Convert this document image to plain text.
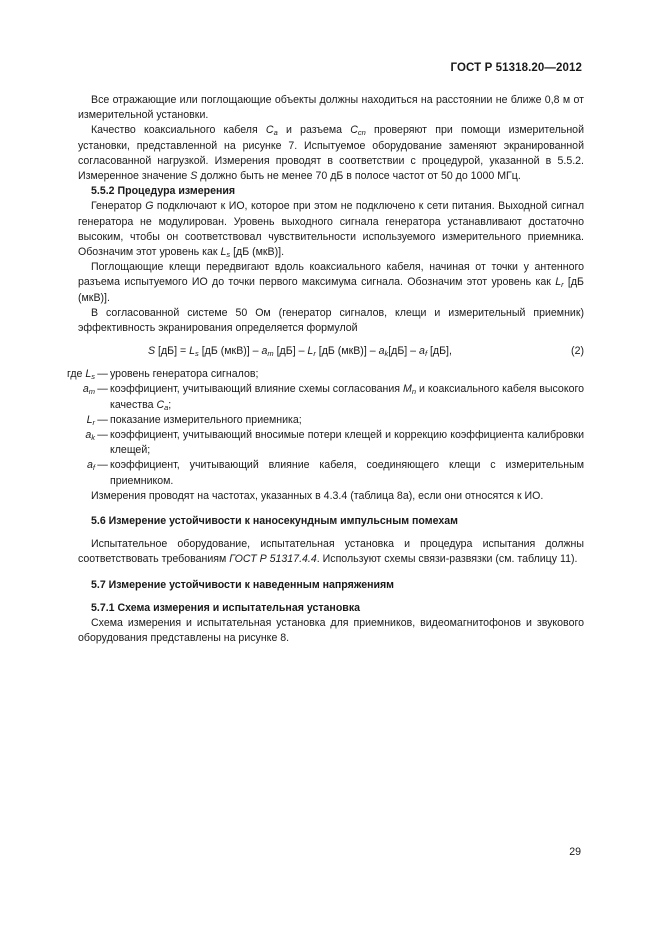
ГОСТ Р 51318.20—2012

Все отражающие или поглощающие объекты должны находиться на расстоянии не ближе 0,8 м от измерительной установки.

Качество коаксиального кабеля $C_a$ и разъема $C_{cn}$ проверяют при помощи измерительной установки, представленной на рисунке 7. Испытуемое оборудование заменяют экранированной согласованной нагрузкой. Измерения проводят в соответствии с процедурой, указанной в 5.5.2. Измеренное значение S должно быть не менее 70 дБ в полосе частот от 50 до 1000 МГц.

5.5.2 Процедура измерения

Генератор G подключают к ИО, которое при этом не подключено к сети питания. Выходной сигнал генератора не модулирован. Уровень выходного сигнала генератора устанавливают достаточно высоким, чтобы он соответствовал чувствительности используемого измерительного приемника. Обозначим этот уровень как $L_s$ [дБ (мкВ)].

Поглощающие клещи передвигают вдоль коаксиального кабеля, начиная от точки у антенного разъема испытуемого ИО до точки первого максимума сигнала. Обозначим этот уровень как $L_r$ [дБ (мкВ)].

В согласованной системе 50 Ом (генератор сигналов, клещи и измерительный приемник) эффективность экранирования определяется формулой

S $[дБ] = L_s$ [дБ $(мкВ)] - a_m$ $[дБ] - L_r$ [дБ $(мкВ)] - a_k[дБ] - a_f$ [дБ],	(2)
где $L_s$ — уровень генератора сигналов;
$a_m$ — коэффициент, учитывающий влияние схемы согласования $M_n$ и коаксиального кабеля высокого качества $C_a$;
$L_r$ — показание измерительного приемника;
$a_k$ — коэффициент, учитывающий вносимые потери клещей и коррекцию коэффициента калибровки клещей;
$a_f$ — коэффициент, учитывающий влияние кабеля, соединяющего клещи с измерительным приемником.

Измерения проводят на частотах, указанных в 4.3.4 (таблица 8а), если они относятся к ИО.

5.6 Измерение устойчивости к наносекундным импульсным помехам

Испытательное оборудование, испытательная установка и процедура испытания должны соответствовать требованиям ГОСТ Р 51317.4.4. Используют схемы связи-развязки (см. таблицу 11).

5.7 Измерение устойчивости к наведенным напряжениям

5.7.1 Схема измерения и испытательная установка

Схема измерения и испытательная установка для приемников, видеомагнитофонов и звукового оборудования представлены на рисунке 8.

29
